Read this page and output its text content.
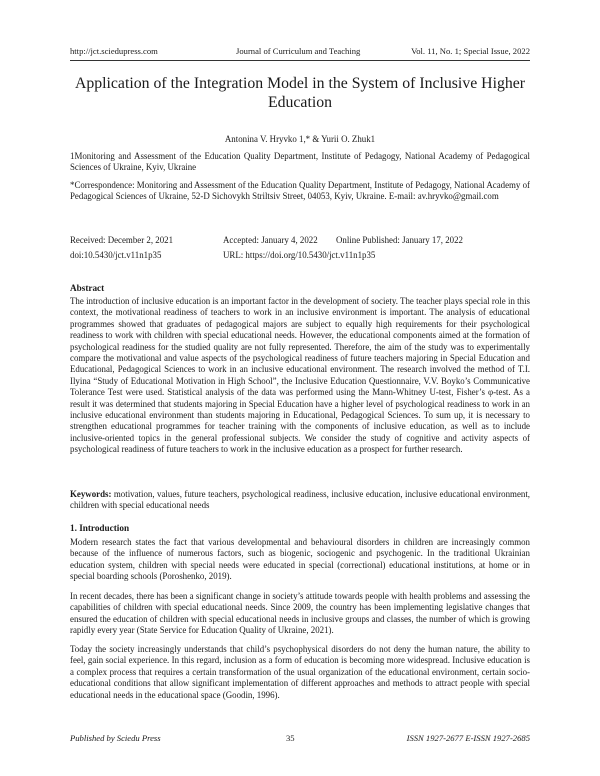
http://jct.sciedupress.com	Journal of Curriculum and Teaching	Vol. 11, No. 1; Special Issue, 2022
Application of the Integration Model in the System of Inclusive Higher Education
Antonina V. Hryvko 1,* & Yurii O. Zhuk1
1Monitoring and Assessment of the Education Quality Department, Institute of Pedagogy, National Academy of Pedagogical Sciences of Ukraine, Kyiv, Ukraine
*Correspondence: Monitoring and Assessment of the Education Quality Department, Institute of Pedagogy, National Academy of Pedagogical Sciences of Ukraine, 52-D Sichovykh Striltsiv Street, 04053, Kyiv, Ukraine. E-mail: av.hryvko@gmail.com
Received: December 2, 2021	Accepted: January 4, 2022 Online Published: January 17, 2022
doi:10.5430/jct.v11n1p35	URL: https://doi.org/10.5430/jct.v11n1p35
Abstract
The introduction of inclusive education is an important factor in the development of society. The teacher plays special role in this context, the motivational readiness of teachers to work in an inclusive environment is important. The analysis of educational programmes showed that graduates of pedagogical majors are subject to equally high requirements for their psychological readiness to work with children with special educational needs. However, the educational components aimed at the formation of psychological readiness for the studied quality are not fully represented. Therefore, the aim of the study was to experimentally compare the motivational and value aspects of the psychological readiness of future teachers majoring in Special Education and Educational, Pedagogical Sciences to work in an inclusive educational environment. The research involved the method of T.I. Ilyina “Study of Educational Motivation in High School”, the Inclusive Education Questionnaire, V.V. Boyko’s Communicative Tolerance Test were used. Statistical analysis of the data was performed using the Mann-Whitney U-test, Fisher’s φ-test. As a result it was determined that students majoring in Special Education have a higher level of psychological readiness to work in an inclusive educational environment than students majoring in Educational, Pedagogical Sciences. To sum up, it is necessary to strengthen educational programmes for teacher training with the components of inclusive education, as well as to include inclusive-oriented topics in the general professional subjects. We consider the study of cognitive and activity aspects of psychological readiness of future teachers to work in the inclusive education as a prospect for further research.
Keywords: motivation, values, future teachers, psychological readiness, inclusive education, inclusive educational environment, children with special educational needs
1. Introduction
Modern research states the fact that various developmental and behavioural disorders in children are increasingly common because of the influence of numerous factors, such as biogenic, sociogenic and psychogenic. In the traditional Ukrainian education system, children with special needs were educated in special (correctional) educational institutions, at home or in special boarding schools (Poroshenko, 2019).
In recent decades, there has been a significant change in society’s attitude towards people with health problems and assessing the capabilities of children with special educational needs. Since 2009, the country has been implementing legislative changes that ensured the education of children with special educational needs in inclusive groups and classes, the number of which is growing rapidly every year (State Service for Education Quality of Ukraine, 2021).
Today the society increasingly understands that child’s psychophysical disorders do not deny the human nature, the ability to feel, gain social experience. In this regard, inclusion as a form of education is becoming more widespread. Inclusive education is a complex process that requires a certain transformation of the usual organization of the educational environment, certain socio-educational conditions that allow significant implementation of different approaches and methods to attract people with special educational needs in the educational space (Goodin, 1996).
Published by Sciedu Press	35	ISSN 1927-2677 E-ISSN 1927-2685
